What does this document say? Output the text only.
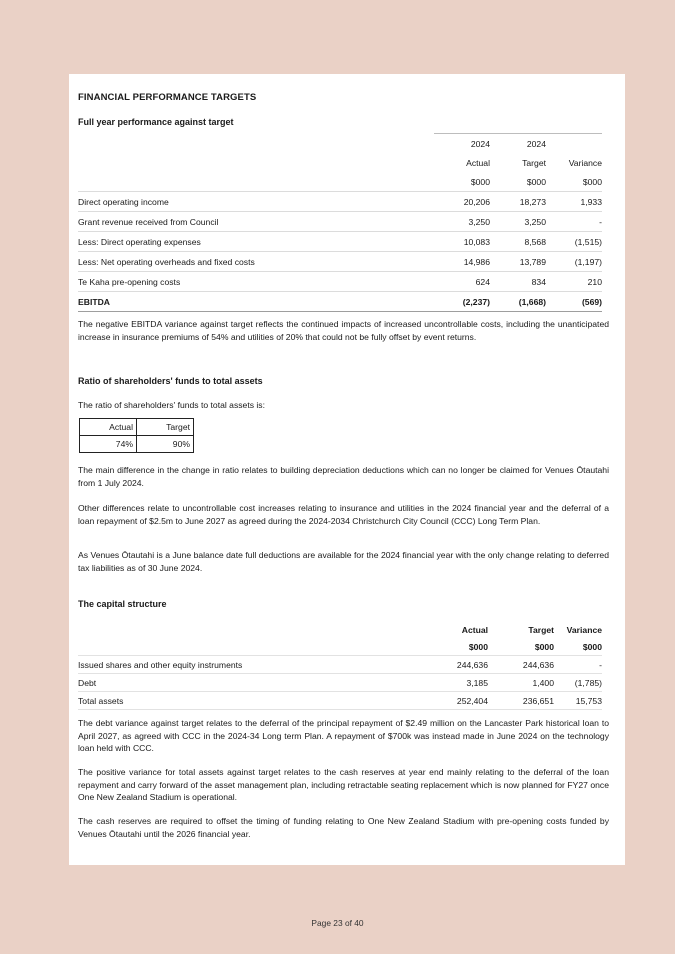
FINANCIAL PERFORMANCE TARGETS
Full year performance against target
	2024	2024	
	Actual	Target	Variance
	$000	$000	$000
Direct operating income	20,206	18,273	1,933
Grant revenue received from Council	3,250	3,250	-
Less: Direct operating expenses	10,083	8,568	(1,515)
Less: Net operating overheads and fixed costs	14,986	13,789	(1,197)
Te Kaha pre-opening costs	624	834	210
EBITDA	(2,237)	(1,668)	(569)

The negative EBITDA variance against target reflects the continued impacts of increased uncontrollable costs, including the unanticipated increase in insurance premiums of 54% and utilities of 20% that could not be fully offset by event returns.

Ratio of shareholders' funds to total assets

The ratio of shareholders' funds to total assets is:

Actual	Target
74%	90%

The main difference in the change in ratio relates to building depreciation deductions which can no longer be claimed for Venues Ōtautahi from 1 July 2024.

Other differences relate to uncontrollable cost increases relating to insurance and utilities in the 2024 financial year and the deferral of a loan repayment of $2.5m to June 2027 as agreed during the 2024-2034 Christchurch City Council (CCC) Long Term Plan.

As Venues Ōtautahi is a June balance date full deductions are available for the 2024 financial year with the only change relating to deferred tax liabilities as of 30 June 2024.

The capital structure
	Actual	Target	Variance
	$000	$000	$000
Issued shares and other equity instruments	244,636	244,636	-
Debt	3,185	1,400	(1,785)
Total assets	252,404	236,651	15,753

The debt variance against target relates to the deferral of the principal repayment of $2.49 million on the Lancaster Park historical loan to April 2027, as agreed with CCC in the 2024-34 Long term Plan. A repayment of $700k was instead made in June 2024 on the technology loan held with CCC.

The positive variance for total assets against target relates to the cash reserves at year end mainly relating to the deferral of the loan repayment and carry forward of the asset management plan, including retractable seating replacement which is now planned for FY27 once One New Zealand Stadium is operational.

The cash reserves are required to offset the timing of funding relating to One New Zealand Stadium with pre-opening costs funded by Venues Ōtautahi until the 2026 financial year.

Page 23 of 40
